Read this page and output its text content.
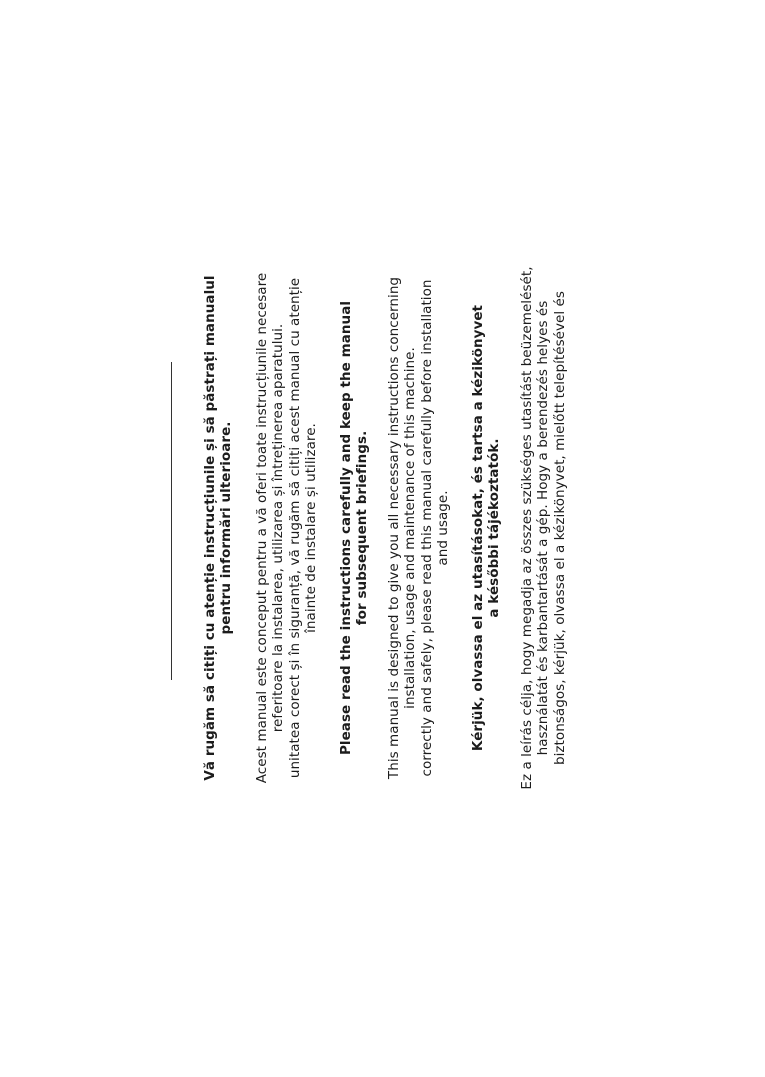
Vă rugăm să citiți cu atenție instrucțiunile și să păstrați manualul pentru informări ulterioare. Acest manual este conceput pentru a vă oferi toate instrucțiunile necesare referitoare la instalarea, utilizarea și întreținerea aparatului. unitatea corect și în siguranță, vă rugăm să citiți acest manual cu atenție înainte de instalare și utilizare. Please read the instructions carefully and keep the manual for subsequent briefings. This manual is designed to give you all necessary instructions concerning installation, usage and maintenance of this machine. correctly and safely, please read this manual carefully before installation and usage. Kérjük, olvassa el az utasításokat, és tartsa a kézikönyvet a későbbi tájékoztatók. Ez a leírás célja, hogy megadja az összes szükséges utasítást beüzemelését, használatát és karbantartását a gép. Hogy a berendezés helyes és biztonságos, kérjük, olvassa el a kézikönyvet, mielőtt telepítésével és
